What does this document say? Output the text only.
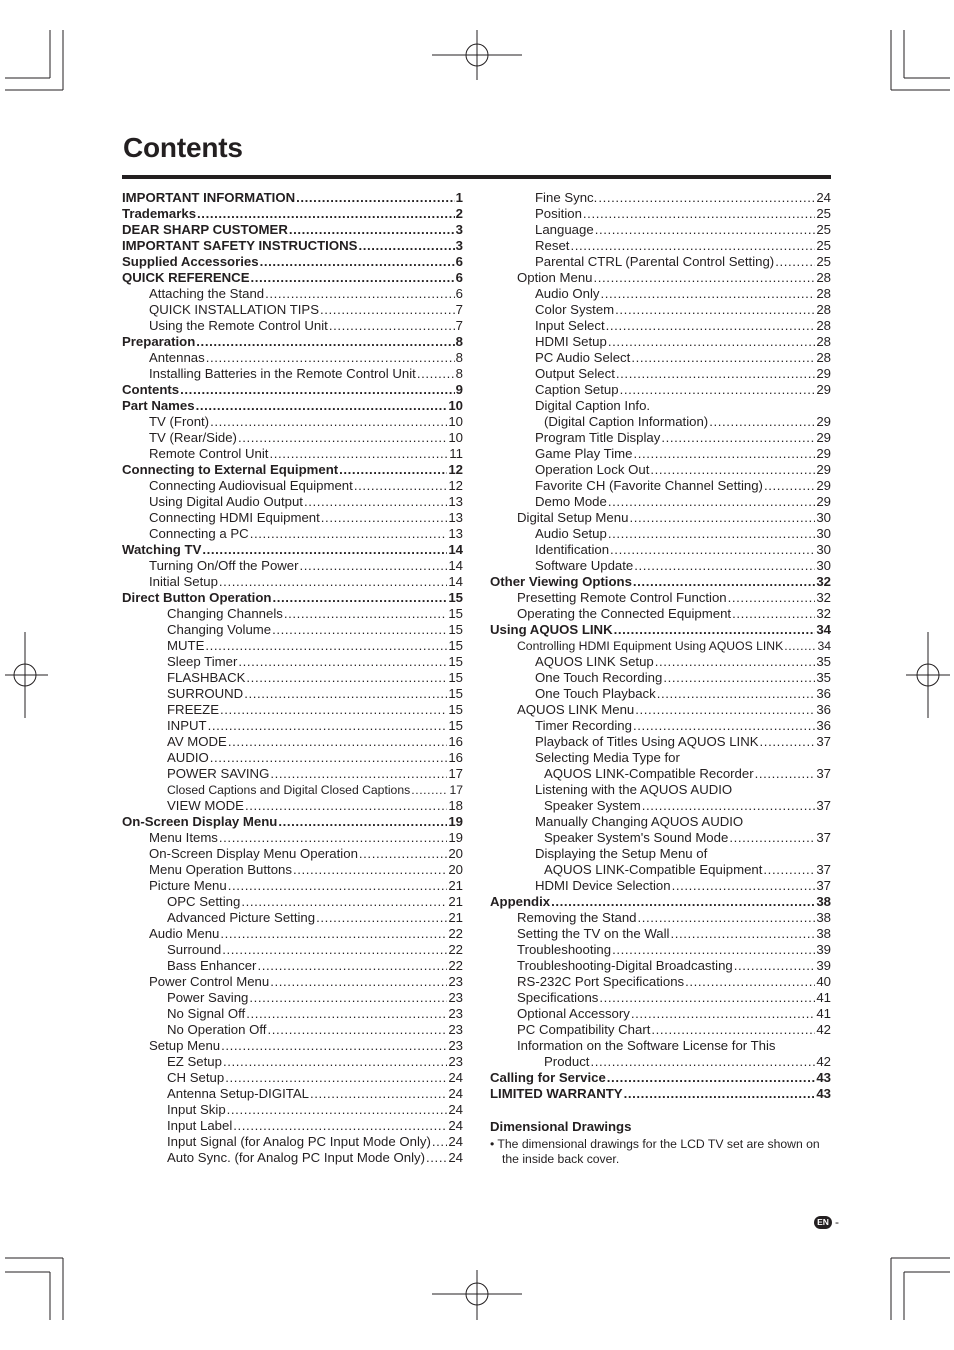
Contents
IMPORTANT INFORMATION .....	1
Trademarks .....	2
DEAR SHARP CUSTOMER .....	3
IMPORTANT SAFETY INSTRUCTIONS .....	3
Supplied Accessories .....	6
QUICK REFERENCE .....	6
Attaching the Stand .....	6
QUICK INSTALLATION TIPS .....	7
Using the Remote Control Unit .....	7
Preparation .....	8
Antennas .....	8
Installing Batteries in the Remote Control Unit .....	8
Contents .....	9
Part Names .....	10
TV (Front) .....	10
TV (Rear/Side) .....	10
Remote Control Unit .....	11
Connecting to External Equipment .....	12
Connecting Audiovisual Equipment .....	12
Using Digital Audio Output .....	13
Connecting HDMI Equipment .....	13
Connecting a PC .....	13
Watching TV .....	14
Turning On/Off the Power .....	14
Initial Setup .....	14
Direct Button Operation .....	15
Changing Channels .....	15
Changing Volume .....	15
MUTE .....	15
Sleep Timer .....	15
FLASHBACK .....	15
SURROUND .....	15
FREEZE .....	15
INPUT .....	15
AV MODE .....	16
AUDIO .....	16
POWER SAVING .....	17
Closed Captions and Digital Closed Captions .....	17
VIEW MODE .....	18
On-Screen Display Menu .....	19
Menu Items .....	19
On-Screen Display Menu Operation .....	20
Menu Operation Buttons .....	20
Picture Menu .....	21
OPC Setting .....	21
Advanced Picture Setting .....	21
Audio Menu .....	22
Surround .....	22
Bass Enhancer .....	22
Power Control Menu .....	23
Power Saving .....	23
No Signal Off .....	23
No Operation Off .....	23
Setup Menu .....	23
EZ Setup .....	23
CH Setup .....	24
Antenna Setup-DIGITAL .....	24
Input Skip .....	24
Input Label .....	24
Input Signal (for Analog PC Input Mode Only) ..... 24
Auto Sync. (for Analog PC Input Mode Only) ..... 24
Fine Sync. .....	24
Position .....	25
Language .....	25
Reset .....	25
Parental CTRL (Parental Control Setting) .....	25
Option Menu .....	28
Audio Only .....	28
Color System .....	28
Input Select .....	28
HDMI Setup .....	28
PC Audio Select .....	28
Output Select .....	29
Caption Setup .....	29
Digital Caption Info.
(Digital Caption Information) .....	29
Program Title Display .....	29
Game Play Time .....	29
Operation Lock Out .....	29
Favorite CH (Favorite Channel Setting) .....	29
Demo Mode .....	29
Digital Setup Menu .....	30
Audio Setup .....	30
Identification .....	30
Software Update .....	30
Other Viewing Options .....	32
Presetting Remote Control Function .....	32
Operating the Connected Equipment .....	32
Using AQUOS LINK .....	34
Controlling HDMI Equipment Using AQUOS LINK .....	34
AQUOS LINK Setup .....	35
One Touch Recording .....	35
One Touch Playback .....	36
AQUOS LINK Menu .....	36
Timer Recording .....	36
Playback of Titles Using AQUOS LINK .....	37
Selecting Media Type for
AQUOS LINK-Compatible Recorder .....	37
Listening with the AQUOS AUDIO
Speaker System .....	37
Manually Changing AQUOS AUDIO
Speaker System's Sound Mode .....	37
Displaying the Setup Menu of
AQUOS LINK-Compatible Equipment .....	37
HDMI Device Selection .....	37
Appendix .....	38
Removing the Stand .....	38
Setting the TV on the Wall .....	38
Troubleshooting .....	39
Troubleshooting-Digital Broadcasting .....	39
RS-232C Port Specifications .....	40
Specifications .....	41
Optional Accessory .....	41
PC Compatibility Chart .....	42
Information on the Software License for This
Product .....	42
Calling for Service .....	43
LIMITED WARRANTY .....	43
Dimensional Drawings

• The dimensional drawings for the LCD TV set are shown on the inside back cover.

EN -
